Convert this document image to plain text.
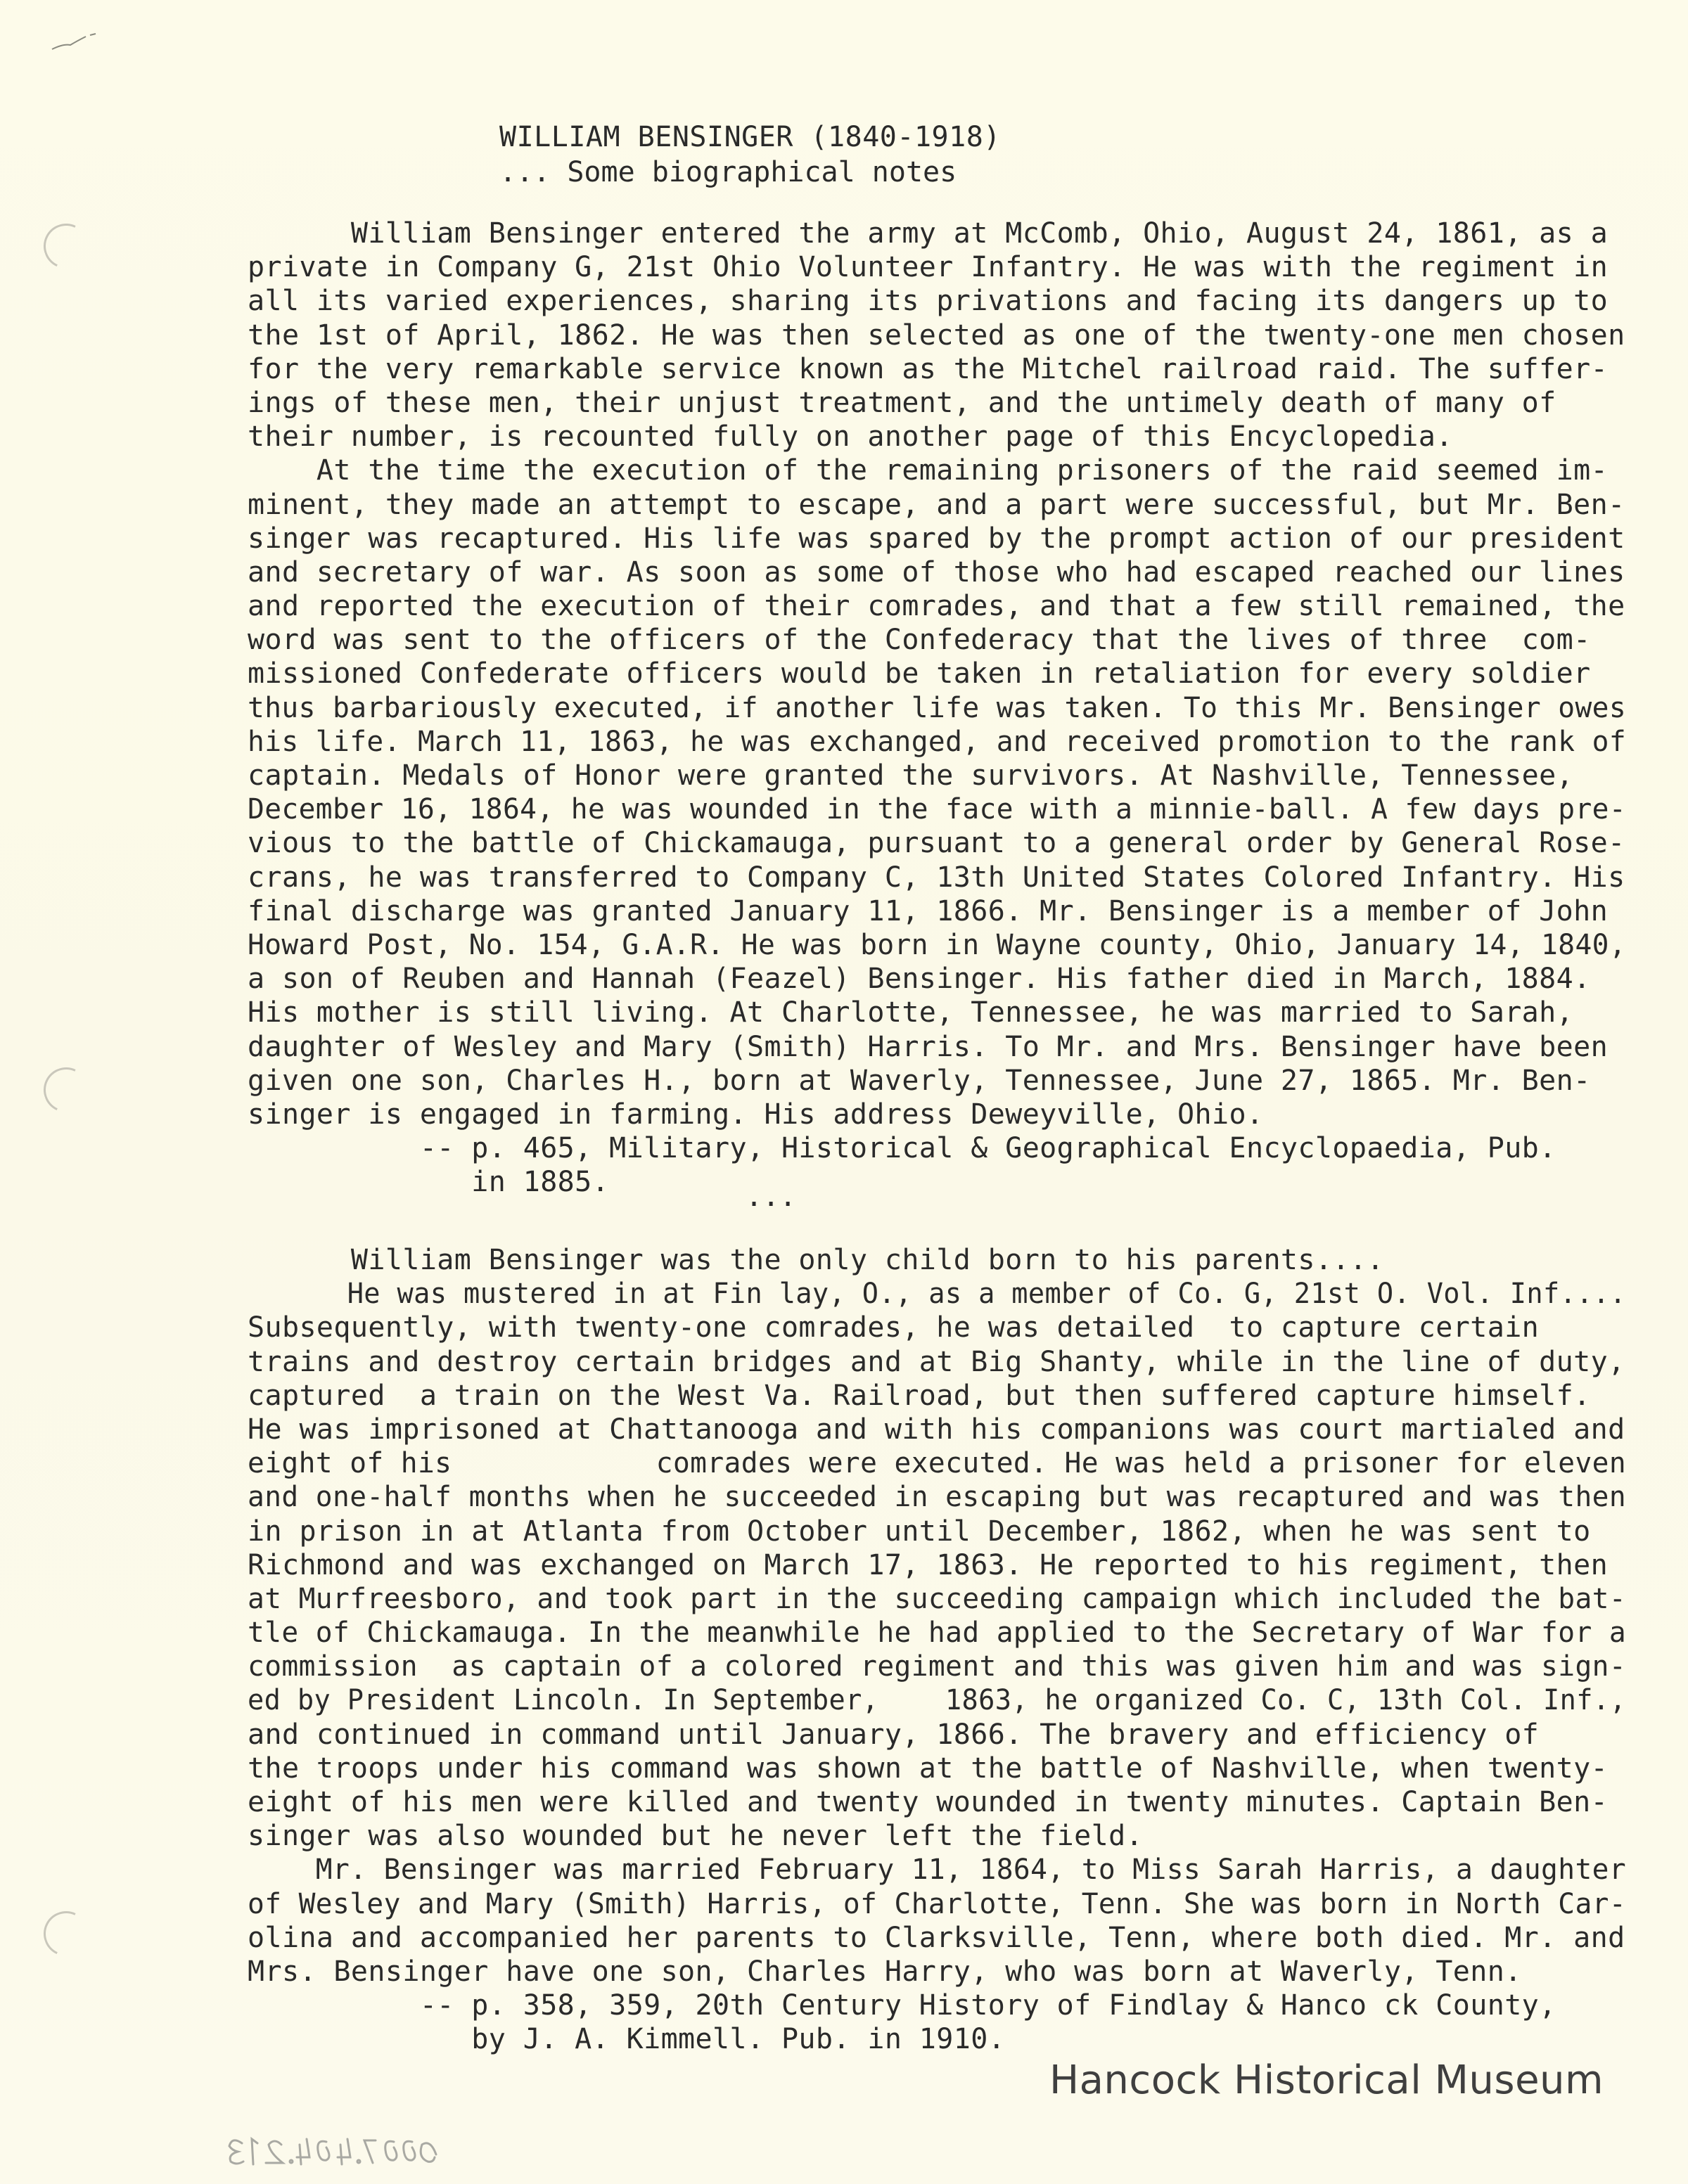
WILLIAM BENSINGER (1840-1918)
... Some biographical notes
William Bensinger entered the army at McComb, Ohio, August 24, 1861, as a
private in Company G, 21st Ohio Volunteer Infantry. He was with the regiment in
all its varied experiences, sharing its privations and facing its dangers up to
the 1st of April, 1862. He was then selected as one of the twenty-one men chosen
for the very remarkable service known as the Mitchel railroad raid. The suffer-
ings of these men, their unjust treatment, and the untimely death of many of
their number, is recounted fully on another page of this Encyclopedia.
At the time the execution of the remaining prisoners of the raid seemed im-
minent, they made an attempt to escape, and a part were successful, but Mr. Ben-
singer was recaptured. His life was spared by the prompt action of our president
and secretary of war. As soon as some of those who had escaped reached our lines
and reported the execution of their comrades, and that a few still remained, the
word was sent to the officers of the Confederacy that the lives of three  com-
missioned Confederate officers would be taken in retaliation for every soldier
thus barbariously executed, if another life was taken. To this Mr. Bensinger owes
his life. March 11, 1863, he was exchanged, and received promotion to the rank of
captain. Medals of Honor were granted the survivors. At Nashville, Tennessee,
December 16, 1864, he was wounded in the face with a minnie-ball. A few days pre-
vious to the battle of Chickamauga, pursuant to a general order by General Rose-
crans, he was transferred to Company C, 13th United States Colored Infantry. His
final discharge was granted January 11, 1866. Mr. Bensinger is a member of John
Howard Post, No. 154, G.A.R. He was born in Wayne county, Ohio, January 14, 1840,
a son of Reuben and Hannah (Feazel) Bensinger. His father died in March, 1884.
His mother is still living. At Charlotte, Tennessee, he was married to Sarah,
daughter of Wesley and Mary (Smith) Harris. To Mr. and Mrs. Bensinger have been
given one son, Charles H., born at Waverly, Tennessee, June 27, 1865. Mr. Ben-
singer is engaged in farming. His address Deweyville, Ohio.
-- p. 465, Military, Historical & Geographical Encyclopaedia, Pub.
in 1885.	...
William Bensinger was the only child born to his parents....
He was mustered in at Fin lay, O., as a member of Co. G, 21st O. Vol. Inf....
Subsequently, with twenty-one comrades, he was detailed  to capture certain
trains and destroy certain bridges and at Big Shanty, while in the line of duty,
captured  a train on the West Va. Railroad, but then suffered capture himself.
He was imprisoned at Chattanooga and with his companions was court martialed and
eight of his            comrades were executed. He was held a prisoner for eleven
and one-half months when he succeeded in escaping but was recaptured and was then
in prison in at Atlanta from October until December, 1862, when he was sent to
Richmond and was exchanged on March 17, 1863. He reported to his regiment, then
at Murfreesboro, and took part in the succeeding campaign which included the bat-
tle of Chickamauga. In the meanwhile he had applied to the Secretary of War for a
commission  as captain of a colored regiment and this was given him and was sign-
ed by President Lincoln. In September,    1863, he organized Co. C, 13th Col. Inf.,
and continued in command until January, 1866. The bravery and efficiency of
the troops under his command was shown at the battle of Nashville, when twenty-
eight of his men were killed and twenty wounded in twenty minutes. Captain Ben-
singer was also wounded but he never left the field.
Mr. Bensinger was married February 11, 1864, to Miss Sarah Harris, a daughter
of Wesley and Mary (Smith) Harris, of Charlotte, Tenn. She was born in North Car-
olina and accompanied her parents to Clarksville, Tenn, where both died. Mr. and
Mrs. Bensinger have one son, Charles Harry, who was born at Waverly, Tenn.
-- p. 358, 359, 20th Century History of Findlay & Hanco ck County,
by J. A. Kimmell. Pub. in 1910.
Hancock Historical Museum
